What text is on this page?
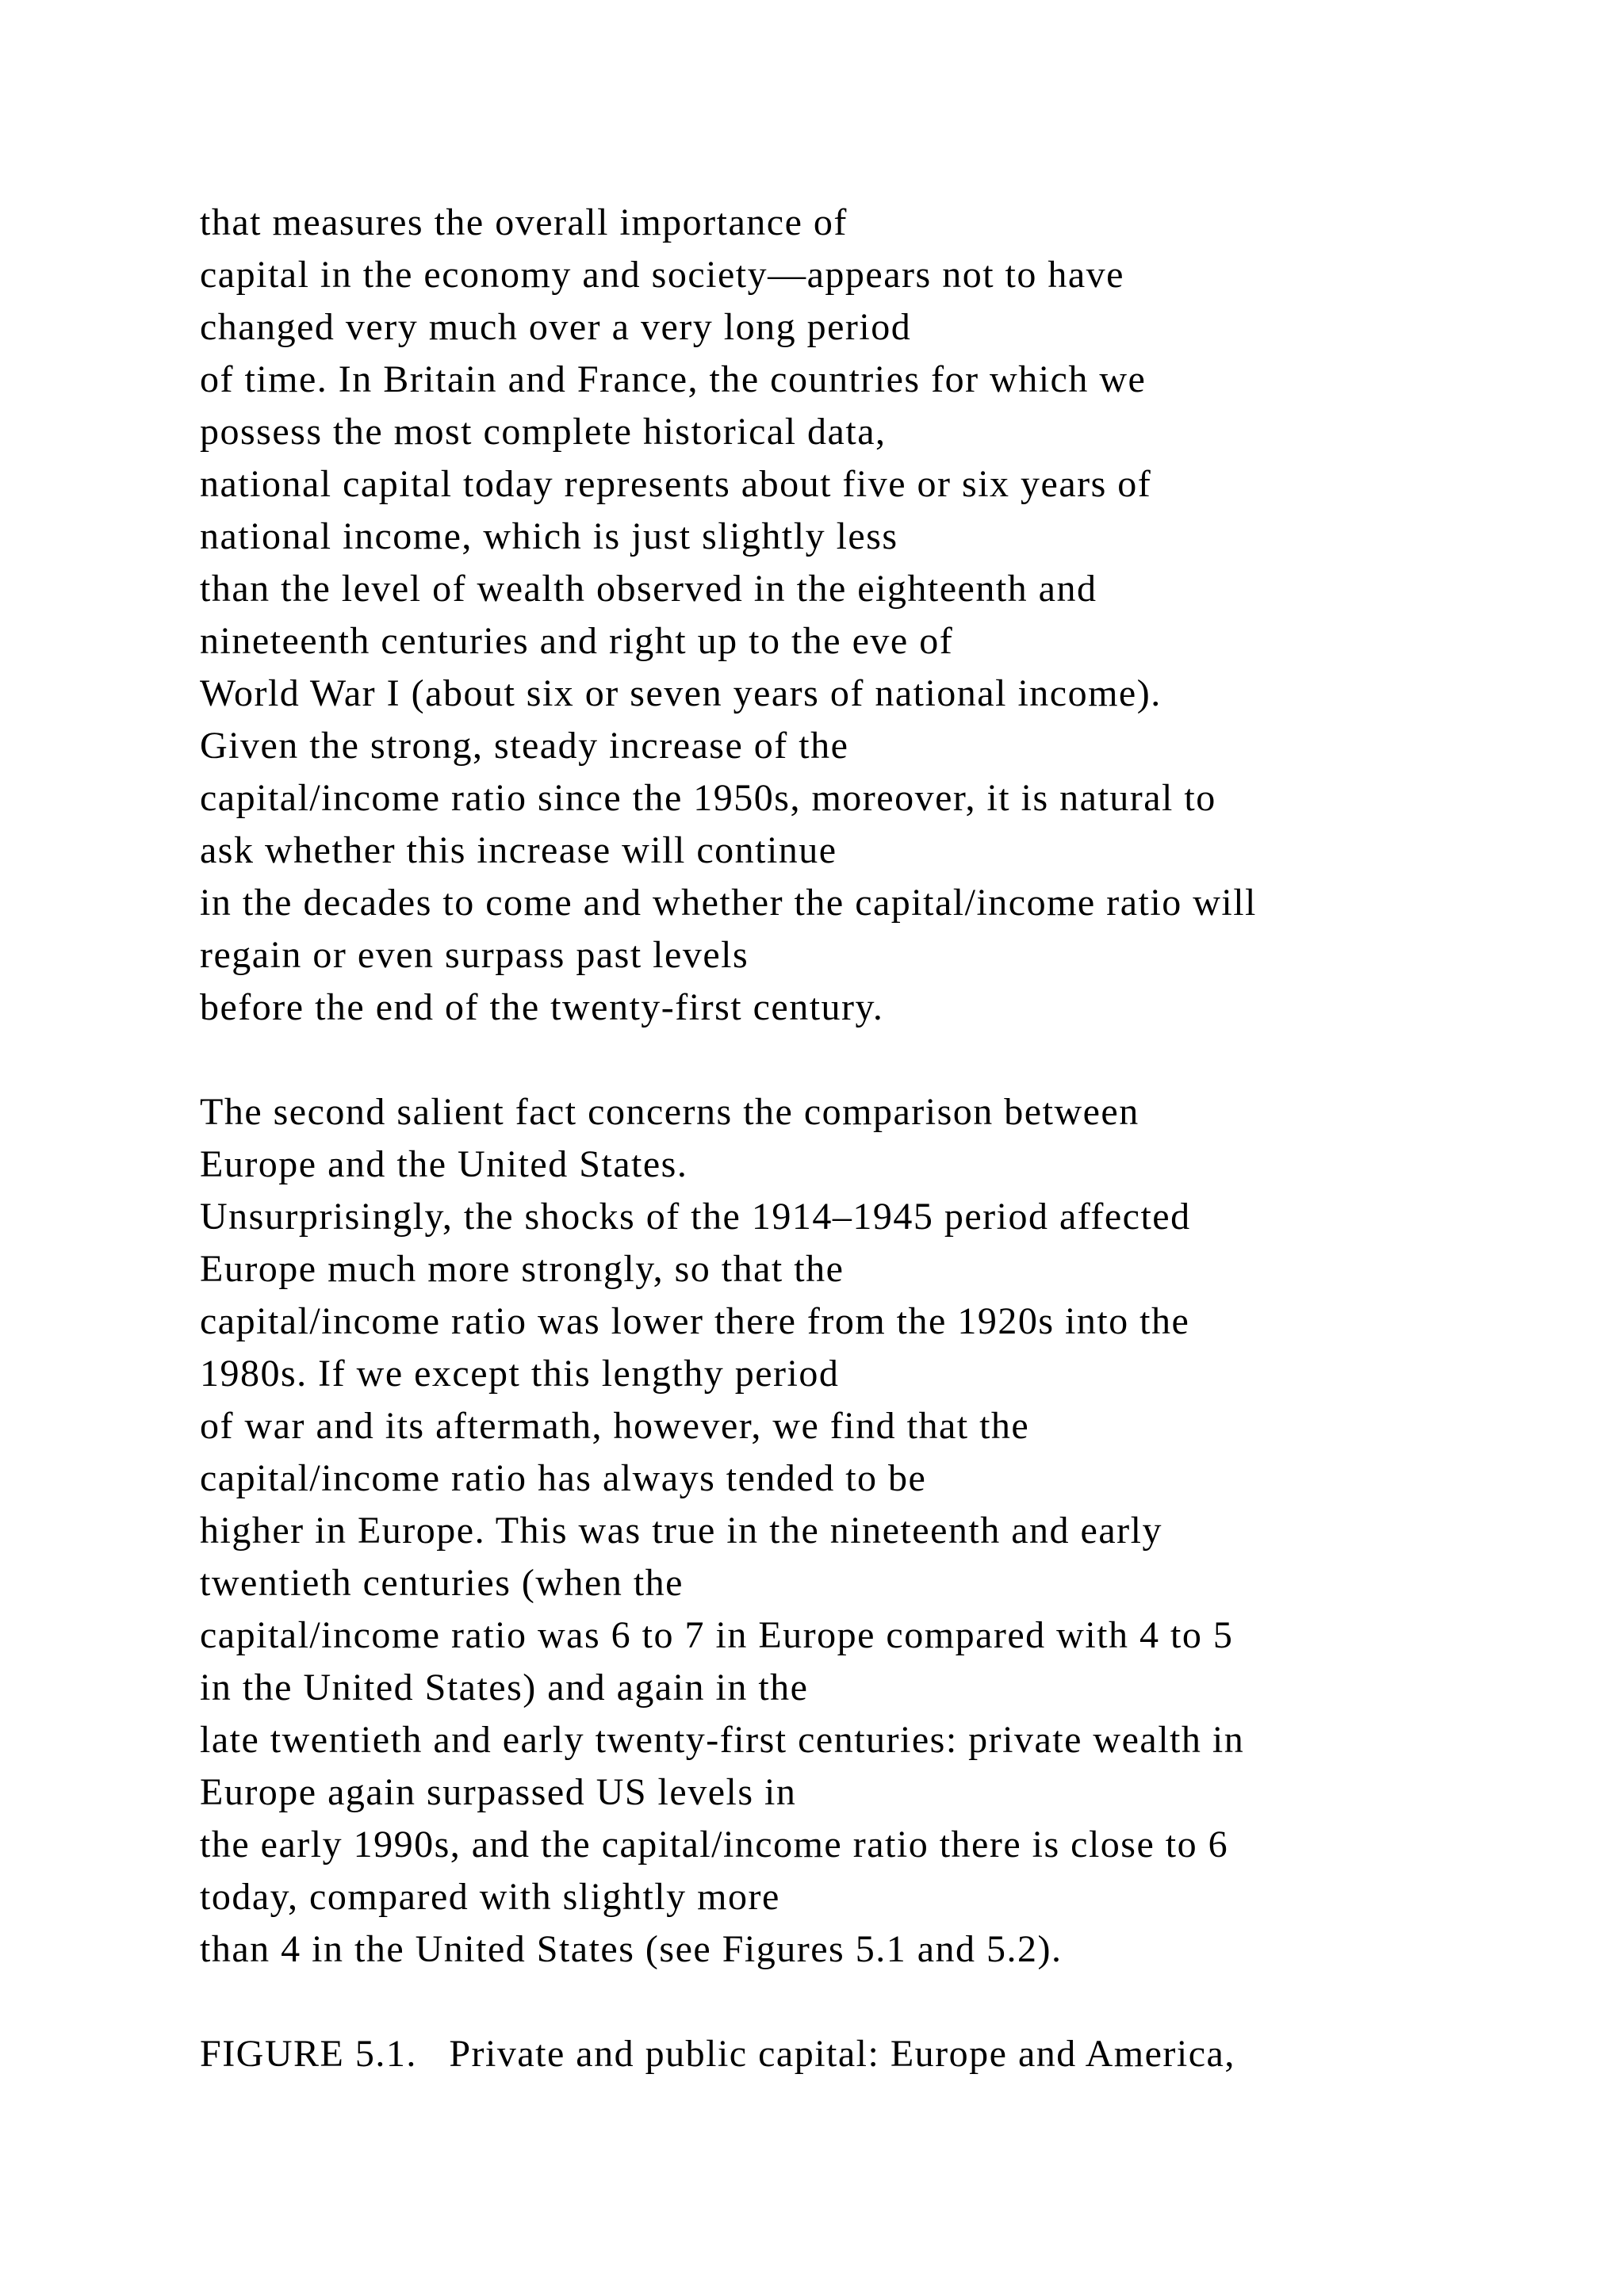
that measures the overall importance of

capital in the economy and society—appears not to have

changed very much over a very long period

of time. In Britain and France, the countries for which we

possess the most complete historical data,

national capital today represents about five or six years of

national income, which is just slightly less

than the level of wealth observed in the eighteenth and

nineteenth centuries and right up to the eve of

World War I (about six or seven years of national income).

Given the strong, steady increase of the

capital/income ratio since the 1950s, moreover, it is natural to

ask whether this increase will continue

in the decades to come and whether the capital/income ratio will

regain or even surpass past levels

before the end of the twenty-first century.

The second salient fact concerns the comparison between

Europe and the United States.

Unsurprisingly, the shocks of the 1914–1945 period affected

Europe much more strongly, so that the

capital/income ratio was lower there from the 1920s into the

1980s. If we except this lengthy period

of war and its aftermath, however, we find that the

capital/income ratio has always tended to be

higher in Europe. This was true in the nineteenth and early

twentieth centuries (when the

capital/income ratio was 6 to 7 in Europe compared with 4 to 5

in the United States) and again in the

late twentieth and early twenty-first centuries: private wealth in

Europe again surpassed US levels in

the early 1990s, and the capital/income ratio there is close to 6

today, compared with slightly more

than 4 in the United States (see Figures 5.1 and 5.2).

FIGURE 5.1.   Private and public capital: Europe and America,
